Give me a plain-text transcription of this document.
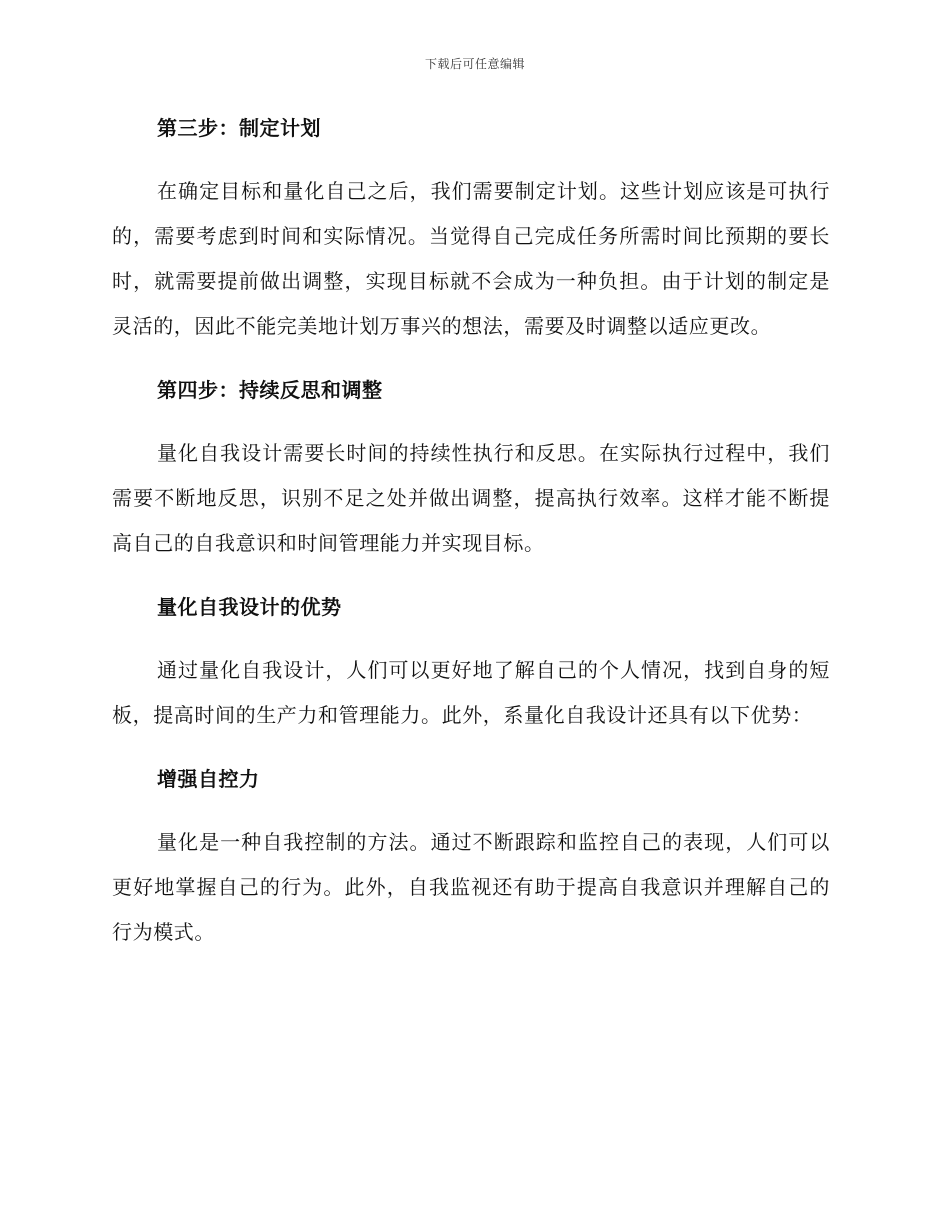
下载后可任意编辑
第三步：制定计划

在确定目标和量化自己之后，我们需要制定计划。这些计划应该是可执行的，需要考虑到时间和实际情况。当觉得自己完成任务所需时间比预期的要长时，就需要提前做出调整，实现目标就不会成为一种负担。由于计划的制定是灵活的，因此不能完美地计划万事兴的想法，需要及时调整以适应更改。

第四步：持续反思和调整

量化自我设计需要长时间的持续性执行和反思。在实际执行过程中，我们需要不断地反思，识别不足之处并做出调整，提高执行效率。这样才能不断提高自己的自我意识和时间管理能力并实现目标。

量化自我设计的优势

通过量化自我设计，人们可以更好地了解自己的个人情况，找到自身的短板，提高时间的生产力和管理能力。此外，系量化自我设计还具有以下优势：

增强自控力

量化是一种自我控制的方法。通过不断跟踪和监控自己的表现，人们可以更好地掌握自己的行为。此外，自我监视还有助于提高自我意识并理解自己的行为模式。
